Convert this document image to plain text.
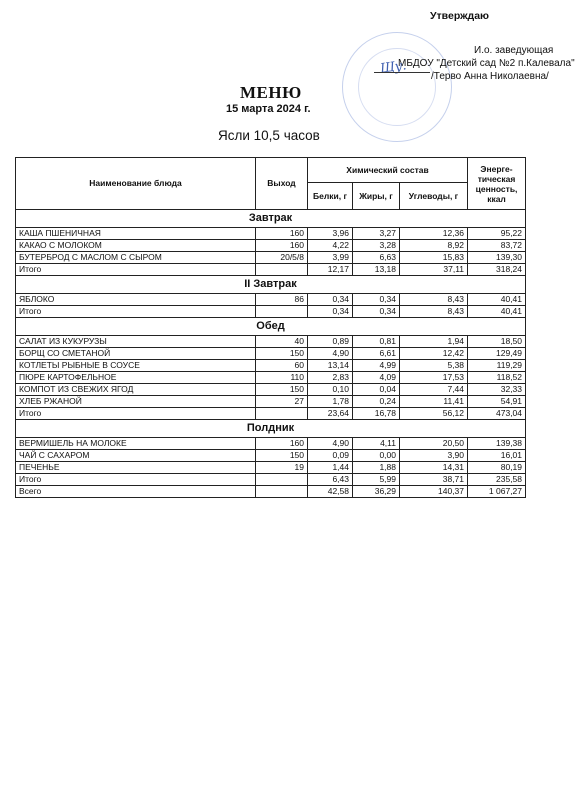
Утверждаю
И.о. заведующая
МБДОУ "Детский сад №2 п.Калевала"
Щу. /Терво Анна Николаевна/
МЕНЮ
15 марта 2024 г.
Ясли 10,5 часов
Наименование блюда	Выход	Химический состав			Энерге-тическая ценность, ккал
		Белки, г	Жиры, г	Углеводы, г	
Завтрак					
КАША ПШЕНИЧНАЯ	160	3,96	3,27	12,36	95,22
КАКАО С МОЛОКОМ	160	4,22	3,28	8,92	83,72
БУТЕРБРОД С МАСЛОМ С СЫРОМ	20/5/8	3,99	6,63	15,83	139,30
Итого		12,17	13,18	37,11	318,24
II Завтрак					
ЯБЛОКО	86	0,34	0,34	8,43	40,41
Итого		0,34	0,34	8,43	40,41
Обед					
САЛАТ ИЗ КУКУРУЗЫ	40	0,89	0,81	1,94	18,50
БОРЩ СО СМЕТАНОЙ	150	4,90	6,61	12,42	129,49
КОТЛЕТЫ РЫБНЫЕ В СОУСЕ	60	13,14	4,99	5,38	119,29
ПЮРЕ КАРТОФЕЛЬНОЕ	110	2,83	4,09	17,53	118,52
КОМПОТ ИЗ СВЕЖИХ ЯГОД	150	0,10	0,04	7,44	32,33
ХЛЕБ РЖАНОЙ	27	1,78	0,24	11,41	54,91
Итого		23,64	16,78	56,12	473,04
Полдник					
ВЕРМИШЕЛЬ НА МОЛОКЕ	160	4,90	4,11	20,50	139,38
ЧАЙ С САХАРОМ	150	0,09	0,00	3,90	16,01
ПЕЧЕНЬЕ	19	1,44	1,88	14,31	80,19
Итого		6,43	5,99	38,71	235,58
Всего		42,58	36,29	140,37	1 067,27
